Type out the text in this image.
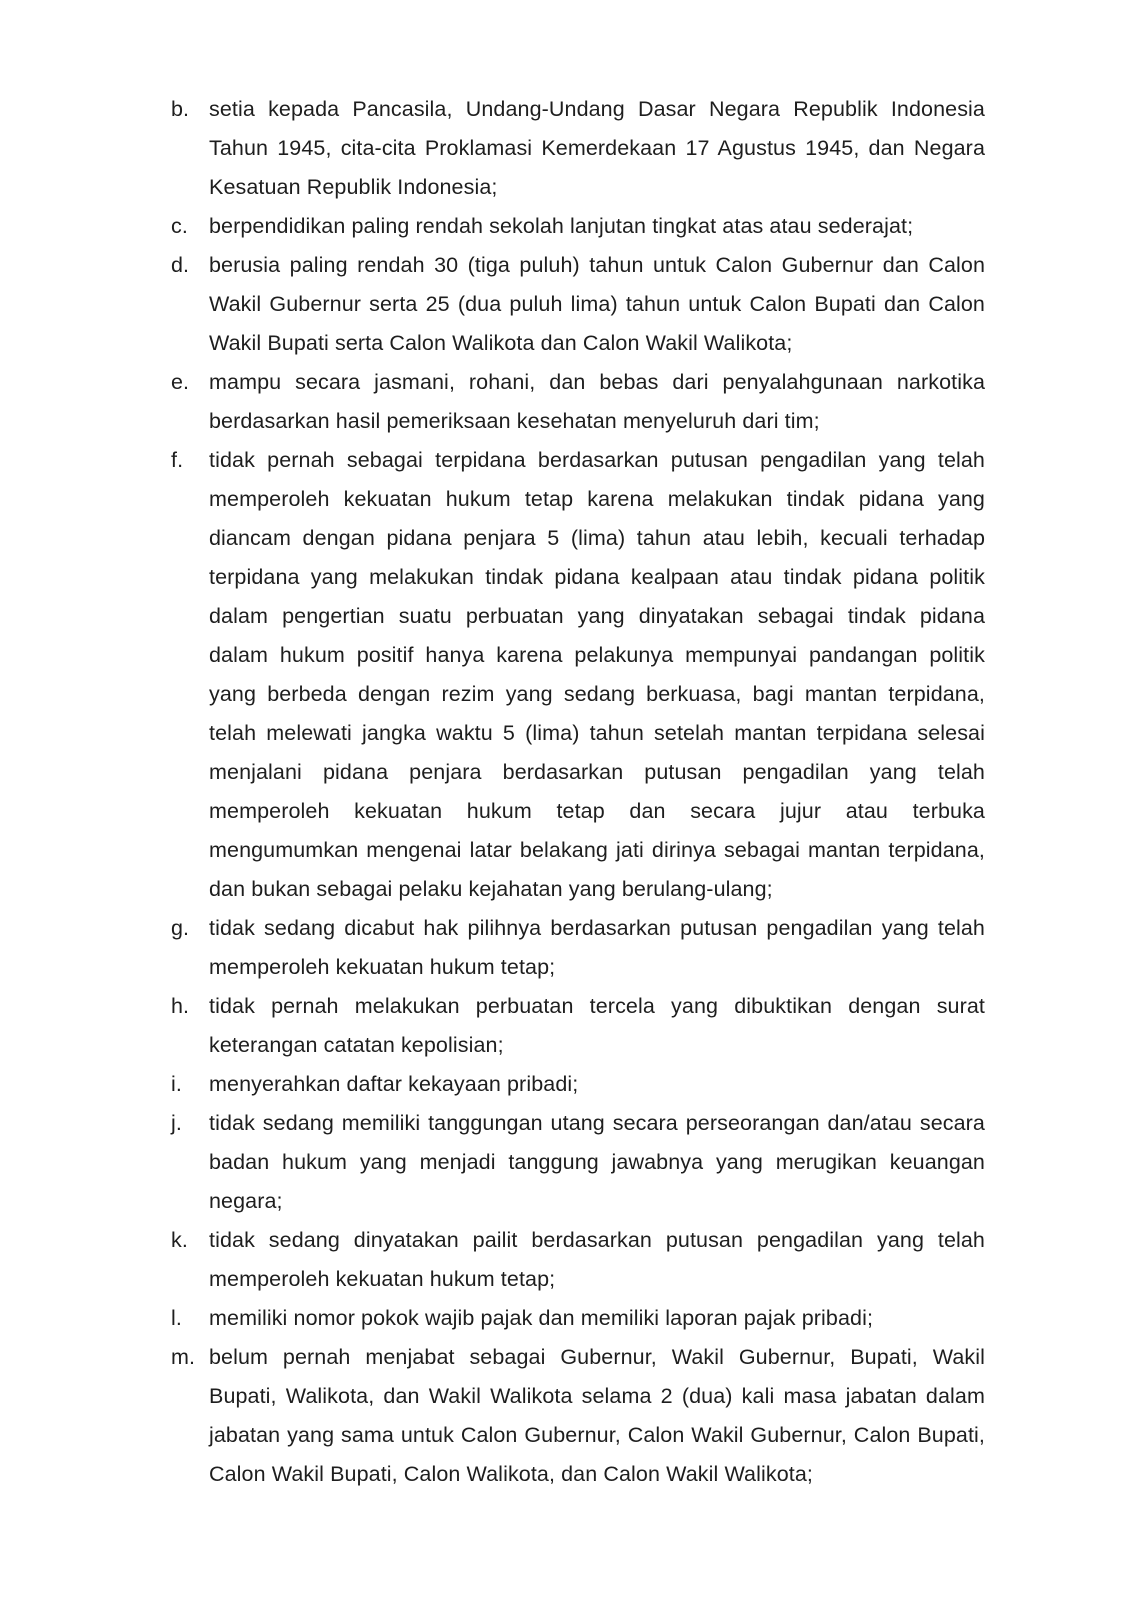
b. setia kepada Pancasila, Undang-Undang Dasar Negara Republik Indonesia Tahun 1945, cita-cita Proklamasi Kemerdekaan 17 Agustus 1945, dan Negara Kesatuan Republik Indonesia;
c. berpendidikan paling rendah sekolah lanjutan tingkat atas atau sederajat;
d. berusia paling rendah 30 (tiga puluh) tahun untuk Calon Gubernur dan Calon Wakil Gubernur serta 25 (dua puluh lima) tahun untuk Calon Bupati dan Calon Wakil Bupati serta Calon Walikota dan Calon Wakil Walikota;
e. mampu secara jasmani, rohani, dan bebas dari penyalahgunaan narkotika berdasarkan hasil pemeriksaan kesehatan menyeluruh dari tim;
f. tidak pernah sebagai terpidana berdasarkan putusan pengadilan yang telah memperoleh kekuatan hukum tetap karena melakukan tindak pidana yang diancam dengan pidana penjara 5 (lima) tahun atau lebih, kecuali terhadap terpidana yang melakukan tindak pidana kealpaan atau tindak pidana politik dalam pengertian suatu perbuatan yang dinyatakan sebagai tindak pidana dalam hukum positif hanya karena pelakunya mempunyai pandangan politik yang berbeda dengan rezim yang sedang berkuasa, bagi mantan terpidana, telah melewati jangka waktu 5 (lima) tahun setelah mantan terpidana selesai menjalani pidana penjara berdasarkan putusan pengadilan yang telah memperoleh kekuatan hukum tetap dan secara jujur atau terbuka mengumumkan mengenai latar belakang jati dirinya sebagai mantan terpidana, dan bukan sebagai pelaku kejahatan yang berulang-ulang;
g. tidak sedang dicabut hak pilihnya berdasarkan putusan pengadilan yang telah memperoleh kekuatan hukum tetap;
h. tidak pernah melakukan perbuatan tercela yang dibuktikan dengan surat keterangan catatan kepolisian;
i. menyerahkan daftar kekayaan pribadi;
j. tidak sedang memiliki tanggungan utang secara perseorangan dan/atau secara badan hukum yang menjadi tanggung jawabnya yang merugikan keuangan negara;
k. tidak sedang dinyatakan pailit berdasarkan putusan pengadilan yang telah memperoleh kekuatan hukum tetap;
l. memiliki nomor pokok wajib pajak dan memiliki laporan pajak pribadi;
m. belum pernah menjabat sebagai Gubernur, Wakil Gubernur, Bupati, Wakil Bupati, Walikota, dan Wakil Walikota selama 2 (dua) kali masa jabatan dalam jabatan yang sama untuk Calon Gubernur, Calon Wakil Gubernur, Calon Bupati, Calon Wakil Bupati, Calon Walikota, dan Calon Wakil Walikota;
